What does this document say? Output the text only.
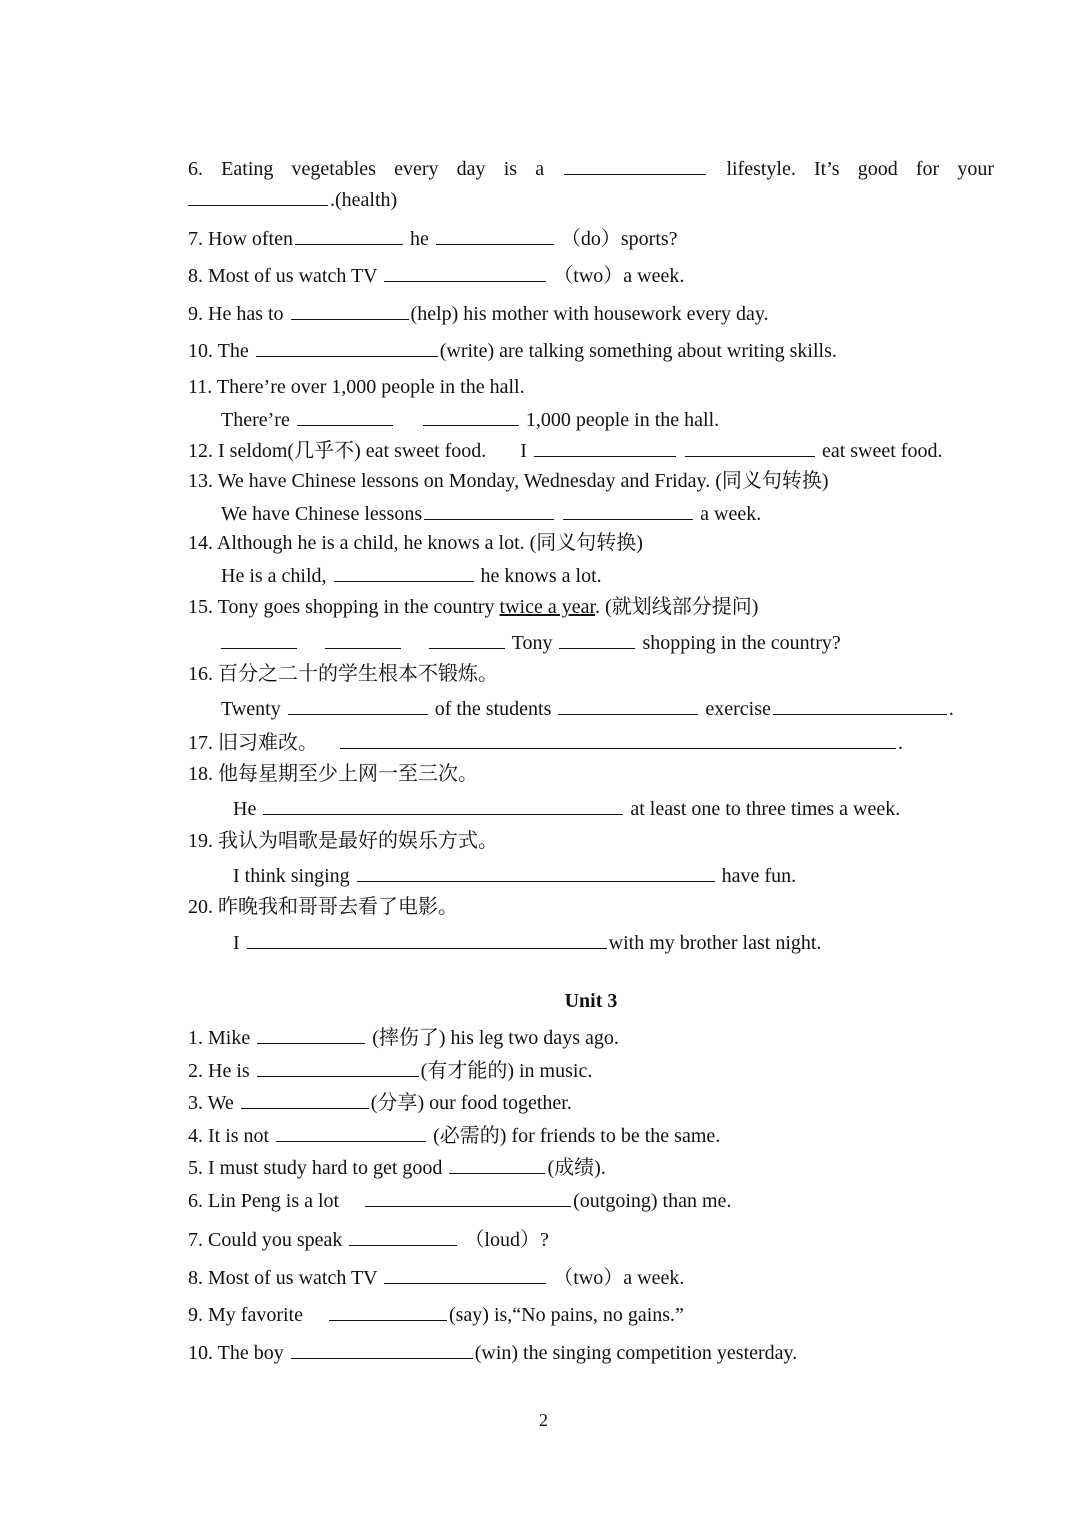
6. Eating vegetables every day is a	lifestyle. It’s good for your
.(health)
7. How often	he	（do）sports?
8. Most of us watch TV	（two）a week.
9. He has to	(help) his mother with housework every day.
10. The	(write) are talking something about writing skills.
11. There’re over 1,000 people in the hall.
There’re	1,000 people in the hall.
12. I seldom(几乎不) eat sweet food. I	eat sweet food.
13. We have Chinese lessons on Monday, Wednesday and Friday. (同义句转换)
We have Chinese lessons	a week.
14. Although he is a child, he knows a lot. (同义句转换)
He is a child,	he knows a lot.
15. Tony goes shopping in the country twice a year. (就划线部分提问)
Tony	shopping in the country?
16. 百分之二十的学生根本不锻炼。
Twenty	of the students	exercise	.
17. 旧习难改。	.
18. 他每星期至少上网一至三次。
He	at least one to three times a week.
19. 我认为唱歌是最好的娱乐方式。
I think singing	have fun.
20. 昨晚我和哥哥去看了电影。
I	with my brother last night.
Unit 3
1. Mike	(摔伤了) his leg two days ago.
2. He is	(有才能的) in music.
3. We	(分享) our food together.
4. It is not	(必需的) for friends to be the same.
5. I must study hard to get good	(成绩).
6. Lin Peng is a lot	(outgoing) than me.
7. Could you speak	（loud）?
8. Most of us watch TV	（two）a week.
9. My favorite	(say) is,“No pains, no gains.”
10. The boy	(win) the singing competition yesterday.
2
